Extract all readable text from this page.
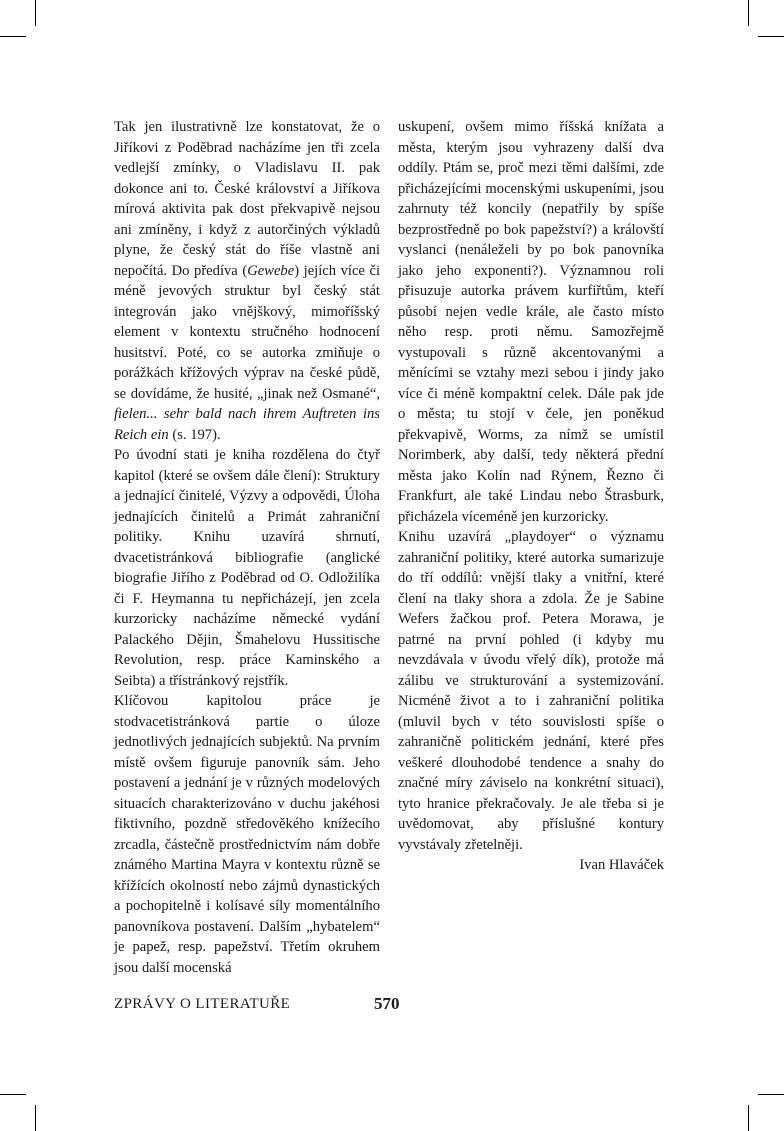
Tak jen ilustrativně lze konstatovat, že o Jiříkovi z Poděbrad nacházíme jen tři zcela vedlejší zmínky, o Vladislavu II. pak dokonce ani to. České království a Jiříkova mírová aktivita pak dost překvapivě nejsou ani zmíněny, i když z autorčiných výkladů plyne, že český stát do říše vlastně ani nepočítá. Do předíva (Gewebe) jejích více či méně jevových struktur byl český stát integrován jako vnějškový, mimoříšský element v kontextu stručného hodnocení husitství. Poté, co se autorka zmiňuje o porážkách křížových výprav na české půdě, se dovídáme, že husité, „jinak než Osmané“, fielen... sehr bald nach ihrem Auftreten ins Reich ein (s. 197).

Po úvodní stati je kniha rozdělena do čtyř kapitol (které se ovšem dále člení): Struktury a jednající činitelé, Výzvy a odpovědi, Úloha jednajících činitelů a Primát zahraniční politiky. Knihu uzavírá shrnutí, dvacetistránková bibliografie (anglické biografie Jiřího z Poděbrad od O. Odložilíka či F. Heymanna tu nepřicházejí, jen zcela kurzoricky nacházíme německé vydání Palackého Dějin, Šmahelovu Hussitische Revolution, resp. práce Kaminského a Seibta) a třístránkový rejstřík.

Klíčovou kapitolou práce je stodvacetistránková partie o úloze jednotlivých jednajících subjektů. Na prvním místě ovšem figuruje panovník sám. Jeho postavení a jednání je v různých modelových situacích charakterizováno v duchu jakéhosi fiktivního, pozdně středověkého knížecího zrcadla, částečně prostřednictvím nám dobře známého Martina Mayra v kontextu různě se křížících okolností nebo zájmů dynastických a pochopitelně i kolísavé síly momentálního panovníkova postavení. Dalším „hybatelem“ je papež, resp. papežství. Třetím okruhem jsou další mocenská

uskupení, ovšem mimo říšská knížata a města, kterým jsou vyhrazeny další dva oddíly. Ptám se, proč mezi těmi dalšími, zde přicházejícími mocenskými uskupeními, jsou zahrnuty též koncily (nepatřily by spíše bezprostředně po bok papežství?) a královští vyslanci (nenáleželi by po bok panovníka jako jeho exponenti?). Významnou roli přisuzuje autorka právem kurfiřtům, kteří působí nejen vedle krále, ale často místo něho resp. proti němu. Samozřejmě vystupovali s různě akcentovanými a měnícími se vztahy mezi sebou i jindy jako více či méně kompaktní celek. Dále pak jde o města; tu stojí v čele, jen poněkud překvapivě, Worms, za nímž se umístil Norimberk, aby další, tedy některá přední města jako Kolín nad Rýnem, Řezno či Frankfurt, ale také Lindau nebo Štrasburk, přicházela víceméně jen kurzoricky.

Knihu uzavírá „playdoyer“ o významu zahraniční politiky, které autorka sumarizuje do tří oddílů: vnější tlaky a vnitřní, které člení na tlaky shora a zdola. Že je Sabine Wefers žačkou prof. Petera Morawa, je patrné na první pohled (i kdyby mu nevzdávala v úvodu vřelý dík), protože má zálibu ve strukturování a systemizování. Nicméně život a to i zahraniční politika (mluvil bych v této souvislosti spíše o zahraničně politickém jednání, které přes veškeré dlouhodobé tendence a snahy do značné míry záviselo na konkrétní situaci), tyto hranice překračovaly. Je ale třeba si je uvědomovat, aby příslušné kontury vyvstávaly zřetelněji.

Ivan Hlaváček

ZPRÁVY O LITERATUŘE	570
